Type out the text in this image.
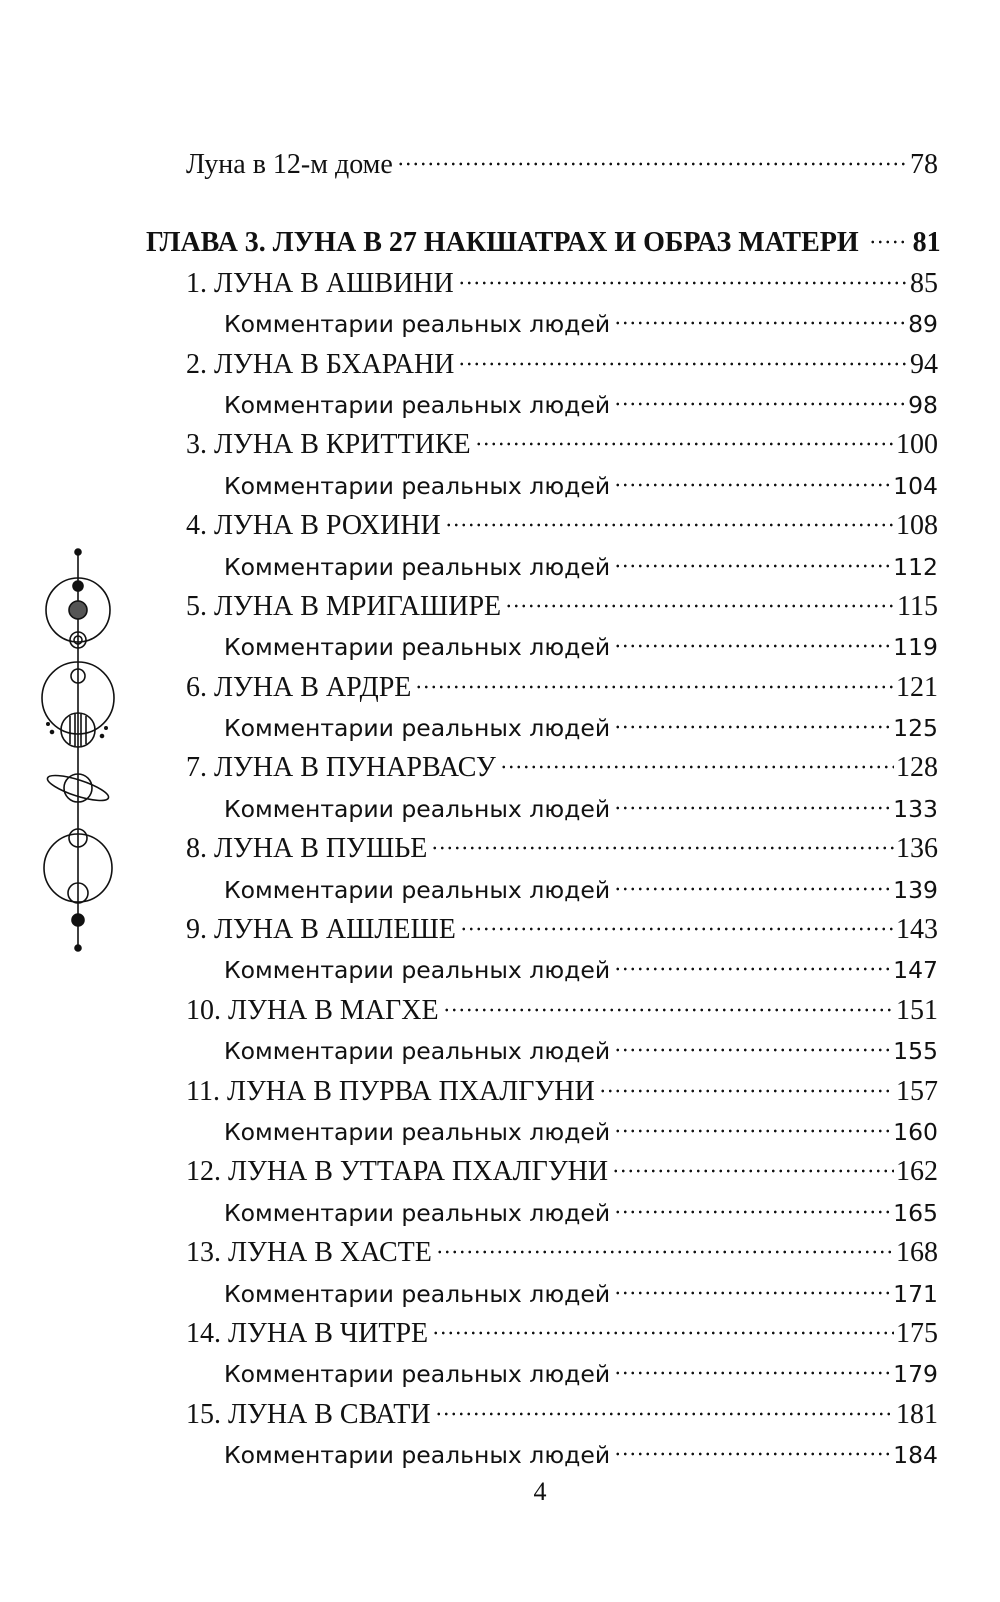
Луна в 12-м доме	78
ГЛАВА 3. ЛУНА В 27 НАКШАТРАХ И ОБРАЗ МАТЕРИ 81
1. ЛУНА В АШВИНИ	85
Комментарии реальных людей	89
2. ЛУНА В БХАРАНИ	94
Комментарии реальных людей	98
3. ЛУНА В КРИТТИКЕ	100
Комментарии реальных людей	104
4. ЛУНА В РОХИНИ	108
Комментарии реальных людей	112
5. ЛУНА В МРИГАШИРЕ	115
Комментарии реальных людей	119
6. ЛУНА В АРДРЕ	121
Комментарии реальных людей	125
7. ЛУНА В ПУНАРВАСУ	128
Комментарии реальных людей	133
8. ЛУНА В ПУШЬЕ	136
Комментарии реальных людей	139
9. ЛУНА В АШЛЕШЕ	143
Комментарии реальных людей	147
10. ЛУНА В МАГХЕ	151
Комментарии реальных людей	155
11. ЛУНА В ПУРВА ПХАЛГУНИ	157
Комментарии реальных людей	160
12. ЛУНА В УТТАРА ПХАЛГУНИ	162
Комментарии реальных людей	165
13. ЛУНА В ХАСТЕ	168
Комментарии реальных людей	171
14. ЛУНА В ЧИТРЕ	175
Комментарии реальных людей	179
15. ЛУНА В СВАТИ	181
Комментарии реальных людей	184
4
